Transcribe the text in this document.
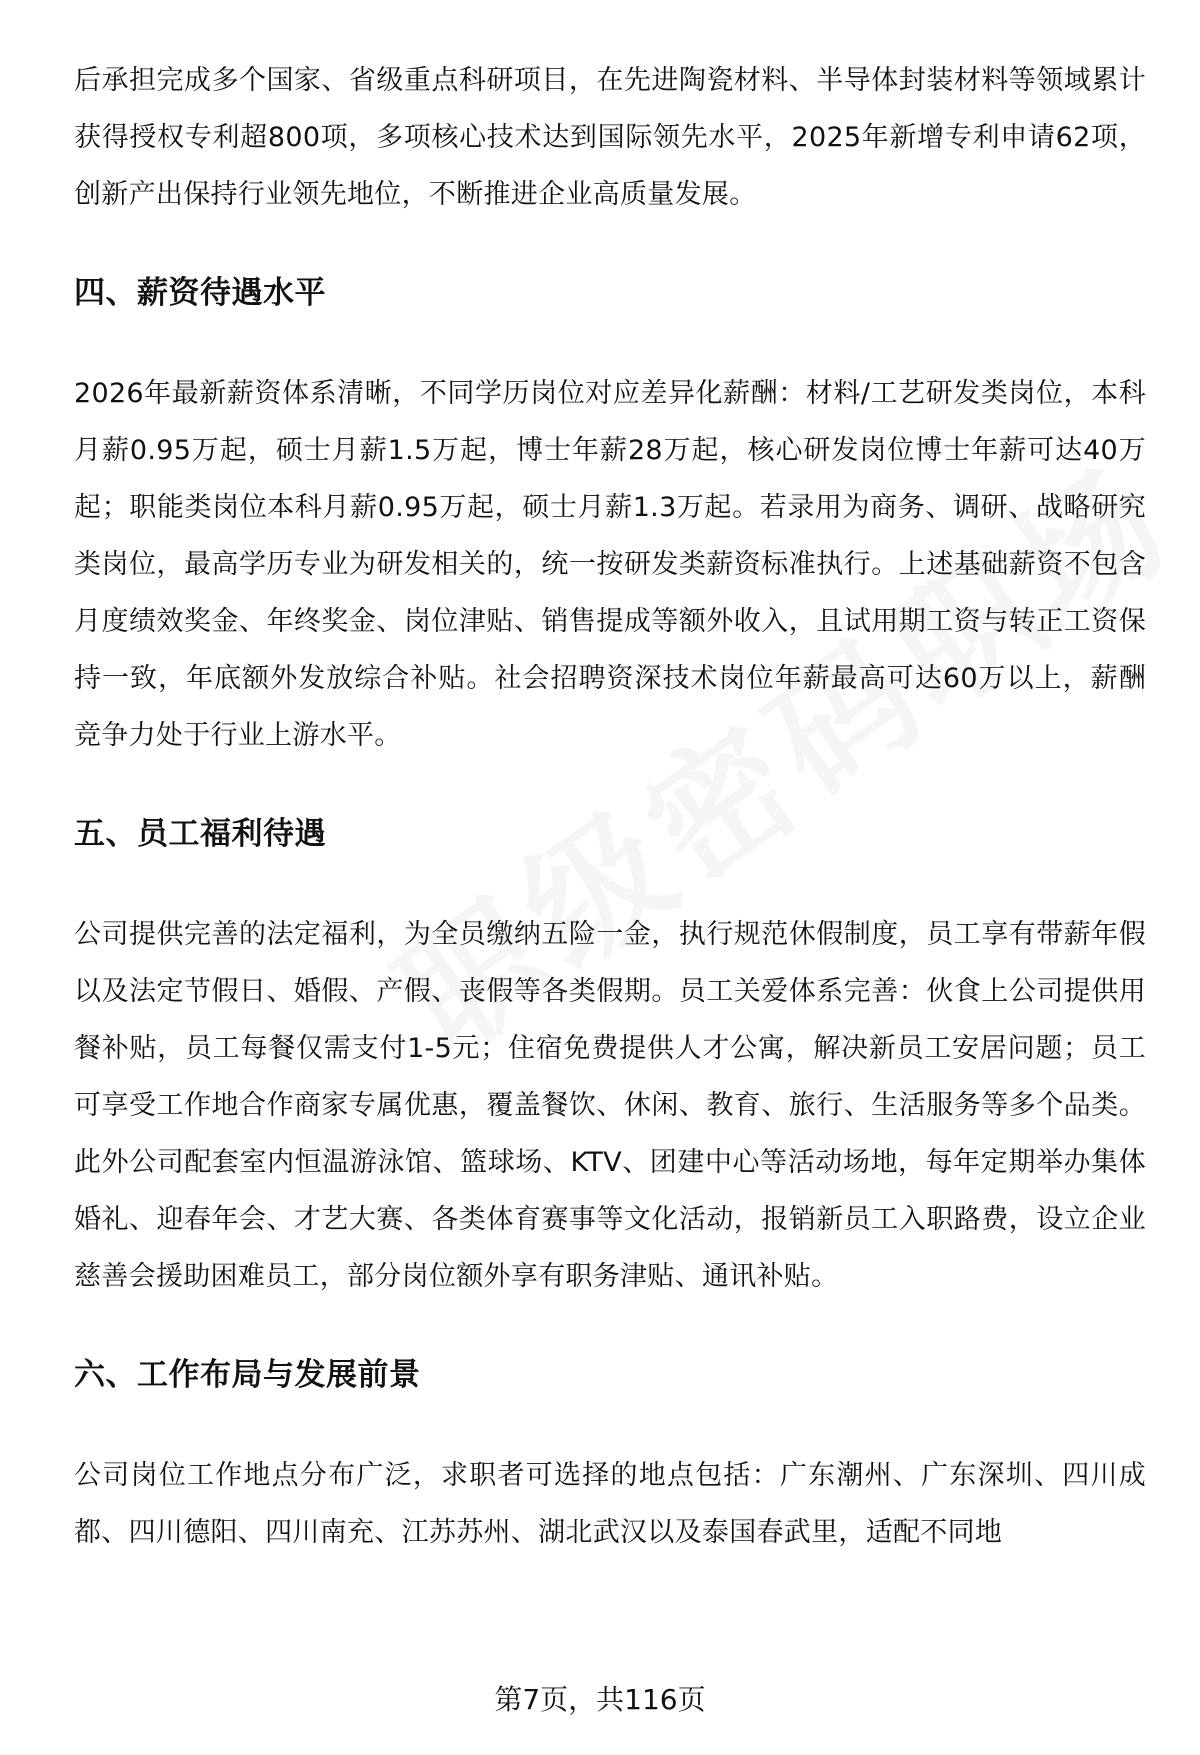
后承担完成多个国家、省级重点科研项目，在先进陶瓷材料、半导体封装材料等领域累计获得授权专利超800项，多项核心技术达到国际领先水平，2025年新增专利申请62项，创新产出保持行业领先地位，不断推进企业高质量发展。

四、薪资待遇水平

2026年最新薪资体系清晰，不同学历岗位对应差异化薪酬：材料/工艺研发类岗位，本科月薪0.95万起，硕士月薪1.5万起，博士年薪28万起，核心研发岗位博士年薪可达40万起；职能类岗位本科月薪0.95万起，硕士月薪1.3万起。若录用为商务、调研、战略研究类岗位，最高学历专业为研发相关的，统一按研发类薪资标准执行。上述基础薪资不包含月度绩效奖金、年终奖金、岗位津贴、销售提成等额外收入，且试用期工资与转正工资保持一致，年底额外发放综合补贴。社会招聘资深技术岗位年薪最高可达60万以上，薪酬竞争力处于行业上游水平。

五、员工福利待遇

公司提供完善的法定福利，为全员缴纳五险一金，执行规范休假制度，员工享有带薪年假以及法定节假日、婚假、产假、丧假等各类假期。员工关爱体系完善：伙食上公司提供用餐补贴，员工每餐仅需支付1-5元；住宿免费提供人才公寓，解决新员工安居问题；员工可享受工作地合作商家专属优惠，覆盖餐饮、休闲、教育、旅行、生活服务等多个品类。此外公司配套室内恒温游泳馆、篮球场、KTV、团建中心等活动场地，每年定期举办集体婚礼、迎春年会、才艺大赛、各类体育赛事等文化活动，报销新员工入职路费，设立企业慈善会援助困难员工，部分岗位额外享有职务津贴、通讯补贴。

六、工作布局与发展前景

公司岗位工作地点分布广泛，求职者可选择的地点包括：广东潮州、广东深圳、四川成都、四川德阳、四川南充、江苏苏州、湖北武汉以及泰国春武里，适配不同地

第7页，共116页
